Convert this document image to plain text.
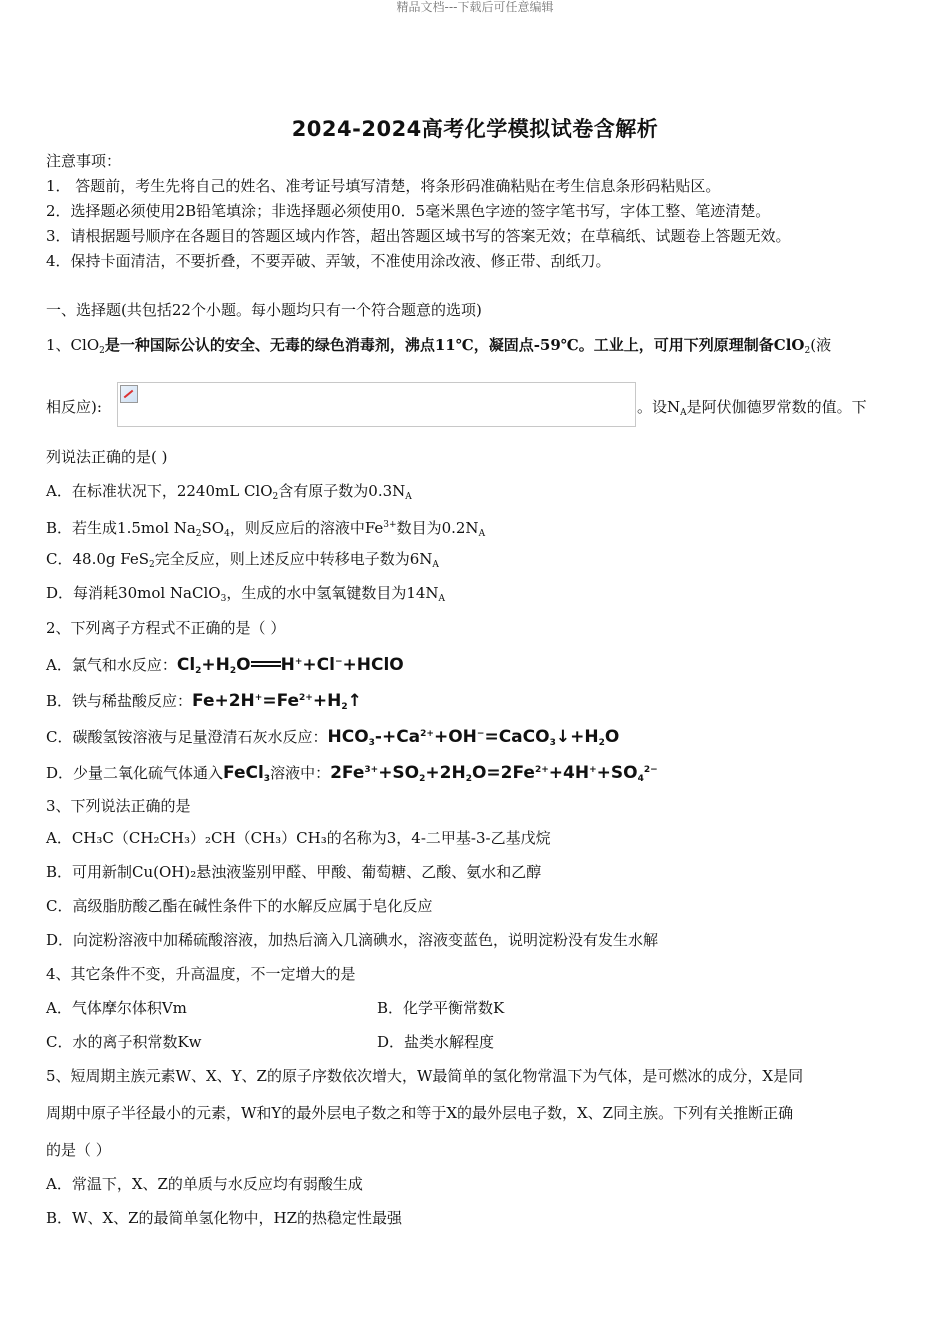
精品文档---下载后可任意编辑
2024-2024高考化学模拟试卷含解析
注意事项：
1． 答题前，考生先将自己的姓名、准考证号填写清楚，将条形码准确粘贴在考生信息条形码粘贴区。
2．选择题必须使用2B铅笔填涂；非选择题必须使用0．5毫米黑色字迹的签字笔书写，字体工整、笔迹清楚。
3．请根据题号顺序在各题目的答题区域内作答，超出答题区域书写的答案无效；在草稿纸、试题卷上答题无效。
4．保持卡面清洁，不要折叠，不要弄破、弄皱，不准使用涂改液、修正带、刮纸刀。
一、选择题(共包括22个小题。每小题均只有一个符合题意的选项)
1、ClO$_2$是一种国际公认的安全、无毒的绿色消毒剂，沸点11℃，凝固点-59℃。工业上，可用下列原理制备ClO$_2$(液
相反应):	。设$N_A$是阿伏伽德罗常数的值。下
列说法正确的是( )
A．在标准状况下，2240mL ClO$_2$含有原子数为$0.3N_A$
B．若生成1.5mol $Na_2SO_4$，则反应后的溶液中$Fe^{3+}$数目为$0.2N_A$
C．48.0g FeS$_2$完全反应，则上述反应中转移电子数为$6N_A$
D．每消耗30mol NaClO$_3$，生成的水中氢氧键数目为$14N_A$
2、下列离子方程式不正确的是（ ）
A．氯气和水反应：$Cl_2+H_2O$ H++Cl−+HClO
B．铁与稀盐酸反应：$Fe+2H^+=Fe^{2+}+H_2↑$
C．碳酸氢铵溶液与足量澄清石灰水反应：$HCO_3-+Ca^{2+}+OH^-=CaCO_3↓+H_2O$
D．少量二氧化硫气体通入FeCl$_3$溶液中：$2Fe^{3+}+SO_2+2H_2O=2Fe^{2+}+4H^++SO_4^{2-}$
3、下列说法正确的是
A．CH₃C（CH₂CH₃）₂CH（CH₃）CH₃的名称为3，4-二甲基-3-乙基戊烷
B．可用新制Cu(OH)₂悬浊液鉴别甲醛、甲酸、葡萄糖、乙酸、氨水和乙醇
C．高级脂肪酸乙酯在碱性条件下的水解反应属于皂化反应
D．向淀粉溶液中加稀硫酸溶液，加热后滴入几滴碘水，溶液变蓝色，说明淀粉没有发生水解
4、其它条件不变，升高温度，不一定增大的是
A．气体摩尔体积Vm	B．化学平衡常数K
C．水的离子积常数Kw	D．盐类水解程度
5、短周期主族元素W、X、Y、Z的原子序数依次增大，W最简单的氢化物常温下为气体，是可燃冰的成分，X是同
周期中原子半径最小的元素，W和Y的最外层电子数之和等于X的最外层电子数，X、Z同主族。下列有关推断正确
的是（ ）
A．常温下，X、Z的单质与水反应均有弱酸生成
B．W、X、Z的最简单氢化物中，HZ的热稳定性最强
